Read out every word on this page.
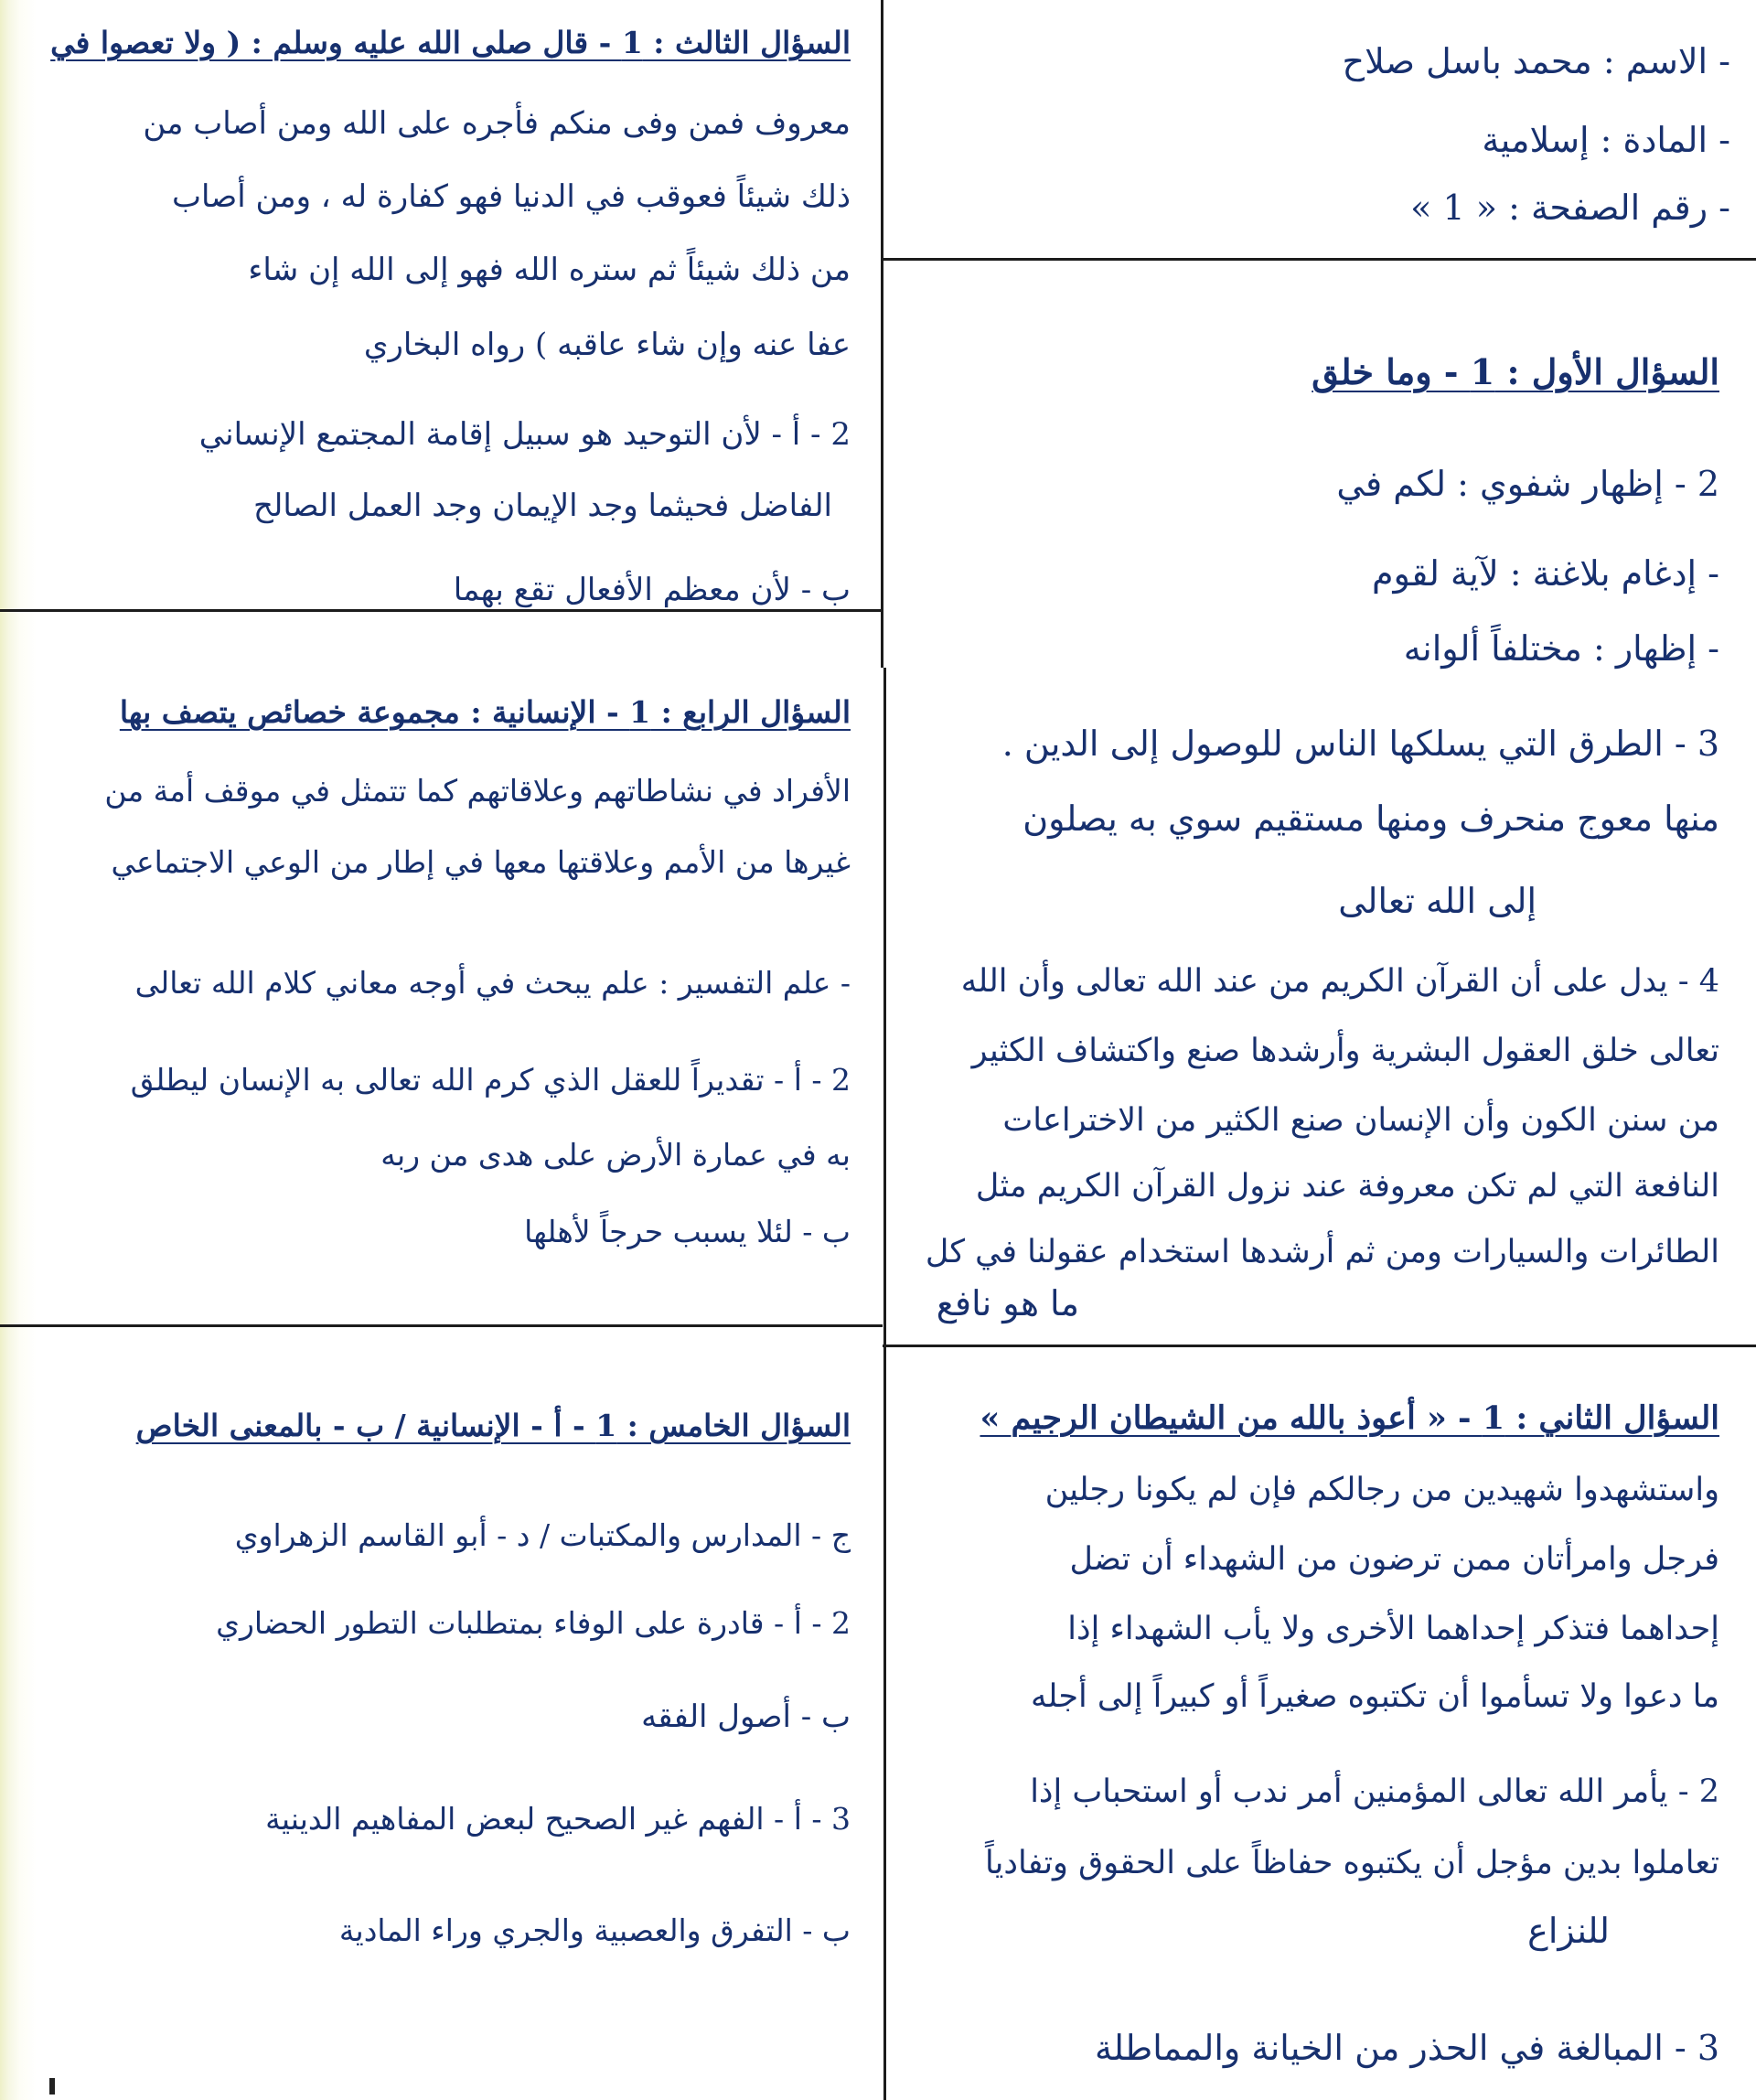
- الاسم : محمد باسل صلاح

- المادة : إسلامية

- رقم الصفحة : « 1 »

السؤال الأول : 1 - وما خلق

2 - إظهار شفوي : لكم في

- إدغام بلاغنة : لآية لقوم

- إظهار : مختلفاً ألوانه

3 - الطرق التي يسلكها الناس للوصول إلى الدين .

منها معوج منحرف ومنها مستقيم سوي به يصلون

إلى الله تعالى

4 - يدل على أن القرآن الكريم من عند الله تعالى وأن الله

تعالى خلق العقول البشرية وأرشدها صنع واكتشاف الكثير

من سنن الكون وأن الإنسان صنع الكثير من الاختراعات

النافعة التي لم تكن معروفة عند نزول القرآن الكريم مثل

الطائرات والسيارات ومن ثم أرشدها استخدام عقولنا في كل

ما هو نافع

السؤال الثاني : 1 - « أعوذ بالله من الشيطان الرجيم »

واستشهدوا شهيدين من رجالكم فإن لم يكونا رجلين

فرجل وامرأتان ممن ترضون من الشهداء أن تضل

إحداهما فتذكر إحداهما الأخرى ولا يأب الشهداء إذا

ما دعوا ولا تسأموا أن تكتبوه صغيراً أو كبيراً إلى أجله

2 - يأمر الله تعالى المؤمنين أمر ندب أو استحباب إذا

تعاملوا بدين مؤجل أن يكتبوه حفاظاً على الحقوق وتفادياً

للنزاع

3 - المبالغة في الحذر من الخيانة والمماطلة

السؤال الثالث : 1 - قال صلى الله عليه وسلم : ( ولا تعصوا في

معروف فمن وفى منكم فأجره على الله ومن أصاب من

ذلك شيئاً فعوقب في الدنيا فهو كفارة له ، ومن أصاب

من ذلك شيئاً ثم ستره الله فهو إلى الله إن شاء

عفا عنه وإن شاء عاقبه ) رواه البخاري

2 - أ - لأن التوحيد هو سبيل إقامة المجتمع الإنساني

الفاضل فحيثما وجد الإيمان وجد العمل الصالح

ب - لأن معظم الأفعال تقع بهما

السؤال الرابع : 1 - الإنسانية : مجموعة خصائص يتصف بها

الأفراد في نشاطاتهم وعلاقاتهم كما تتمثل في موقف أمة من

غيرها من الأمم وعلاقتها معها في إطار من الوعي الاجتماعي

- علم التفسير : علم يبحث في أوجه معاني كلام الله تعالى

2 - أ - تقديراً للعقل الذي كرم الله تعالى به الإنسان ليطلق

به في عمارة الأرض على هدى من ربه

ب - لئلا يسبب حرجاً لأهلها

السؤال الخامس : 1 - أ - الإنسانية / ب - بالمعنى الخاص

ج - المدارس والمكتبات / د - أبو القاسم الزهراوي

2 - أ - قادرة على الوفاء بمتطلبات التطور الحضاري

ب - أصول الفقه

3 - أ - الفهم غير الصحيح لبعض المفاهيم الدينية

ب - التفرق والعصبية والجري وراء المادية
